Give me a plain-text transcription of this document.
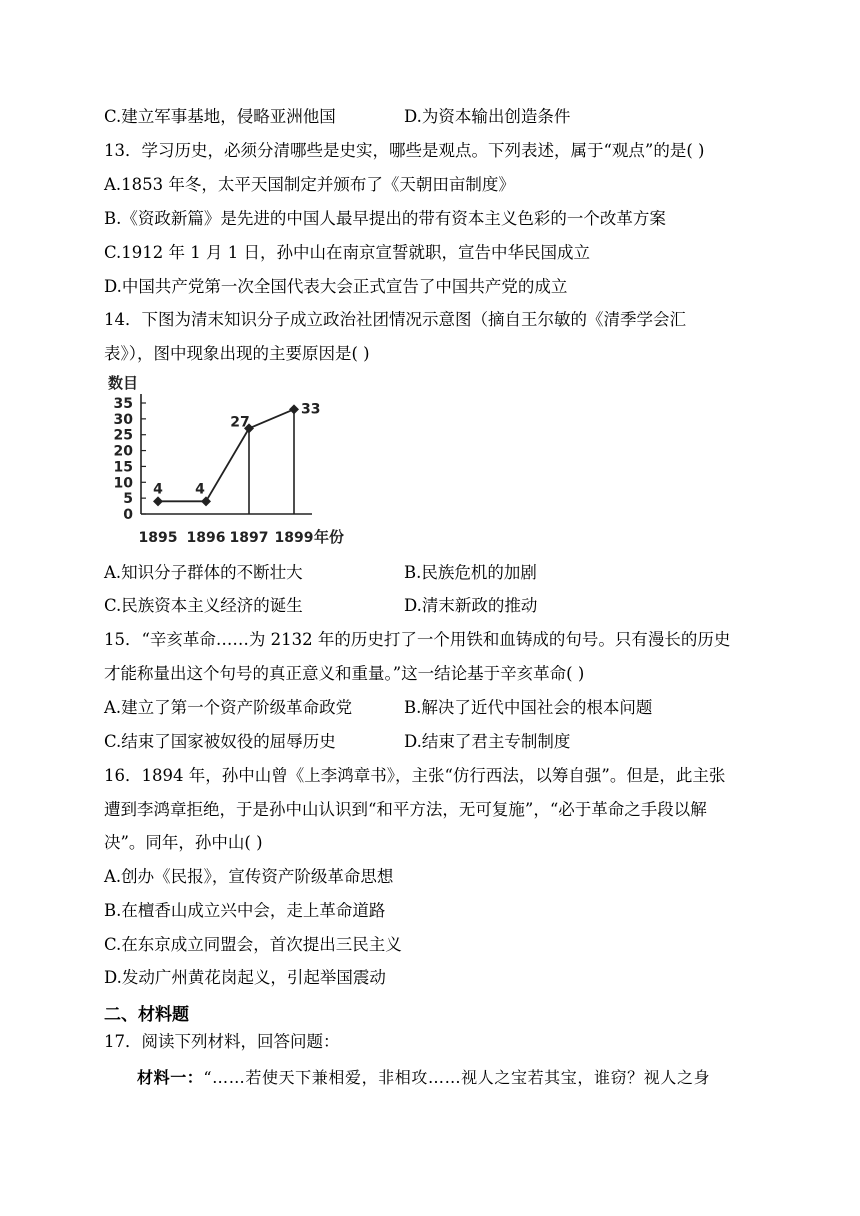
C.建立军事基地，侵略亚洲他国	D.为资本输出创造条件
13．学习历史，必须分清哪些是史实，哪些是观点。下列表述，属于“观点”的是( )
A.1853 年冬，太平天国制定并颁布了《天朝田亩制度》
B.《资政新篇》是先进的中国人最早提出的带有资本主义色彩的一个改革方案
C.1912 年 1 月 1 日，孙中山在南京宣誓就职，宣告中华民国成立
D.中国共产党第一次全国代表大会正式宣告了中国共产党的成立
14．下图为清末知识分子成立政治社团情况示意图（摘自王尔敏的《清季学会汇
表》），图中现象出现的主要原因是( )
数目
年份
0
5
10
15
20
25
30
35
1895 1896 1897 1899
4 4
27
33
A.知识分子群体的不断壮大	B.民族危机的加剧
C.民族资本主义经济的诞生	D.清末新政的推动
15．“辛亥革命……为 2132 年的历史打了一个用铁和血铸成的句号。只有漫长的历史
才能称量出这个句号的真正意义和重量。”这一结论基于辛亥革命( )
A.建立了第一个资产阶级革命政党	B.解决了近代中国社会的根本问题
C.结束了国家被奴役的屈辱历史	D.结束了君主专制制度
16．1894 年，孙中山曾《上李鸿章书》，主张“仿行西法，以筹自强”。但是，此主张
遭到李鸿章拒绝，于是孙中山认识到“和平方法，无可复施”，“必于革命之手段以解
决”。同年，孙中山( )
A.创办《民报》，宣传资产阶级革命思想
B.在檀香山成立兴中会，走上革命道路
C.在东京成立同盟会，首次提出三民主义
D.发动广州黄花岗起义，引起举国震动
二、材料题
17．阅读下列材料，回答问题：
材料一：“……若使天下兼相爱，非相攻……视人之宝若其宝，谁窃？视人之身
